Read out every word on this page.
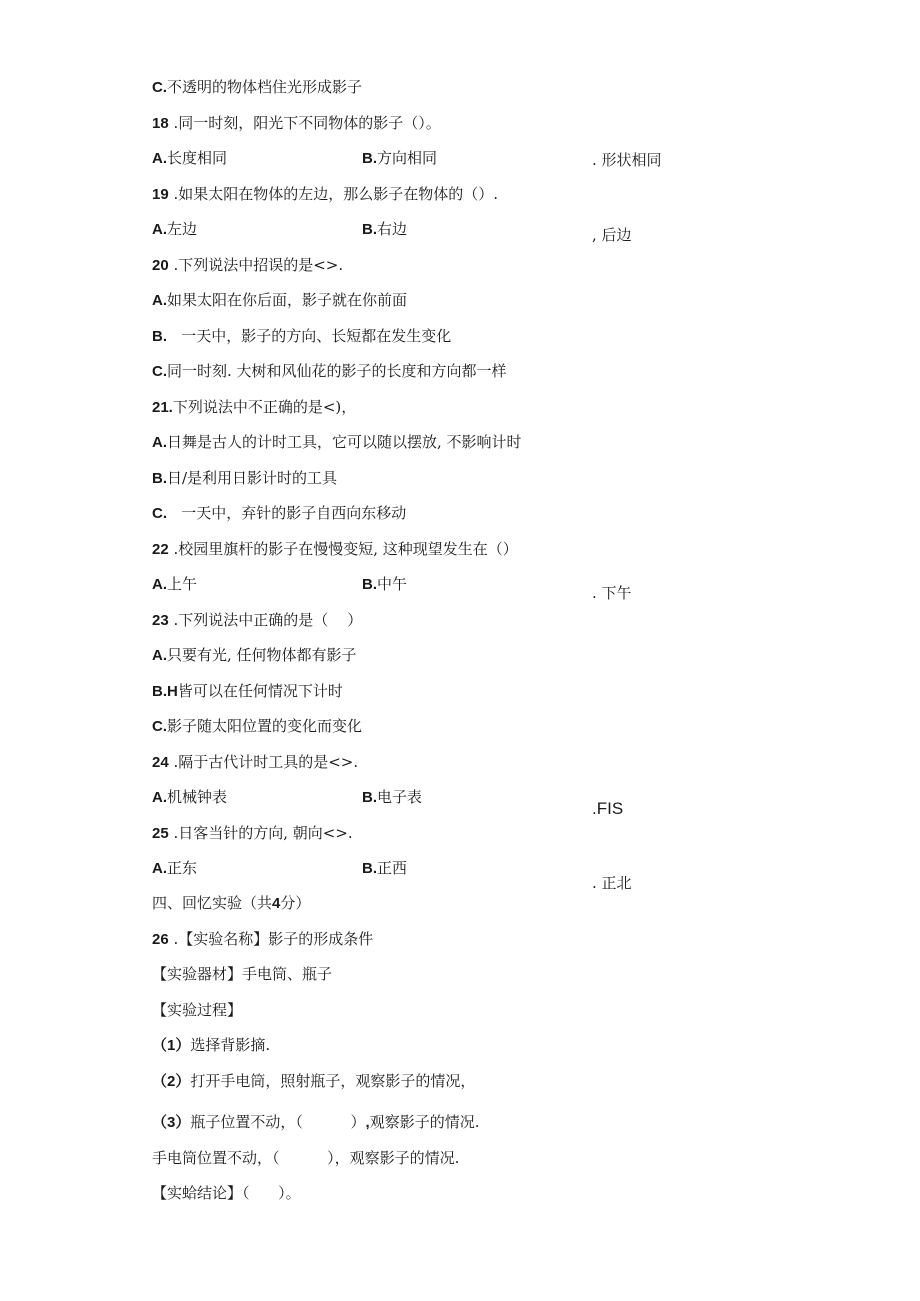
C.不透明的物体档住光形成影子
18 .同一时刻，阳光下不同物体的影子（）。
A.长度相同	B.方向相同	. 形状相同
19 .如果太阳在物体的左边，那么影子在物体的（）.
A.左边	B.右边	, 后边
20 .下列说法中招误的是<>.
A.如果太阳在你后面，影子就在你前面
B.   一天中，影子的方向、长短都在发生变化
C.同一时刻. 大树和风仙花的影子的长度和方向都一样
21.下列说法中不正确的是<)，
A.日舞是古人的计时工具，它可以随以摆放, 不影响计时
B.日/是利用日影计时的工具
C.   一天中，弃针的影子自西向东移动
22 .校园里旗杆的影子在慢慢变短, 这种现望发生在（）
A.上午	B.中午	. 下午
23 .下列说法中正确的是（    ）
A.只要有光, 任何物体都有影子
B.H皆可以在任何情况下计时
C.影子随太阳位置的变化而变化
24 .隔于古代计时工具的是<>.
A.机械钟表	B.电子表
.FIS
25 .日客当针的方向, 朝向<>.
A.正东	B.正西
. 正北
四、回忆实验（共4分）
26 .【实验名称】影子的形成条件
【实验器材】手电筒、瓶子
【实验过程】
（1）选择背影摘.
（2）打开手电筒，照射瓶子，观察影子的情况，
（3）瓶子位置不动，（          ）,观察影子的情况.
手电筒位置不动，（          ），观察影子的情况.
【实蛤结论】（      ）。
